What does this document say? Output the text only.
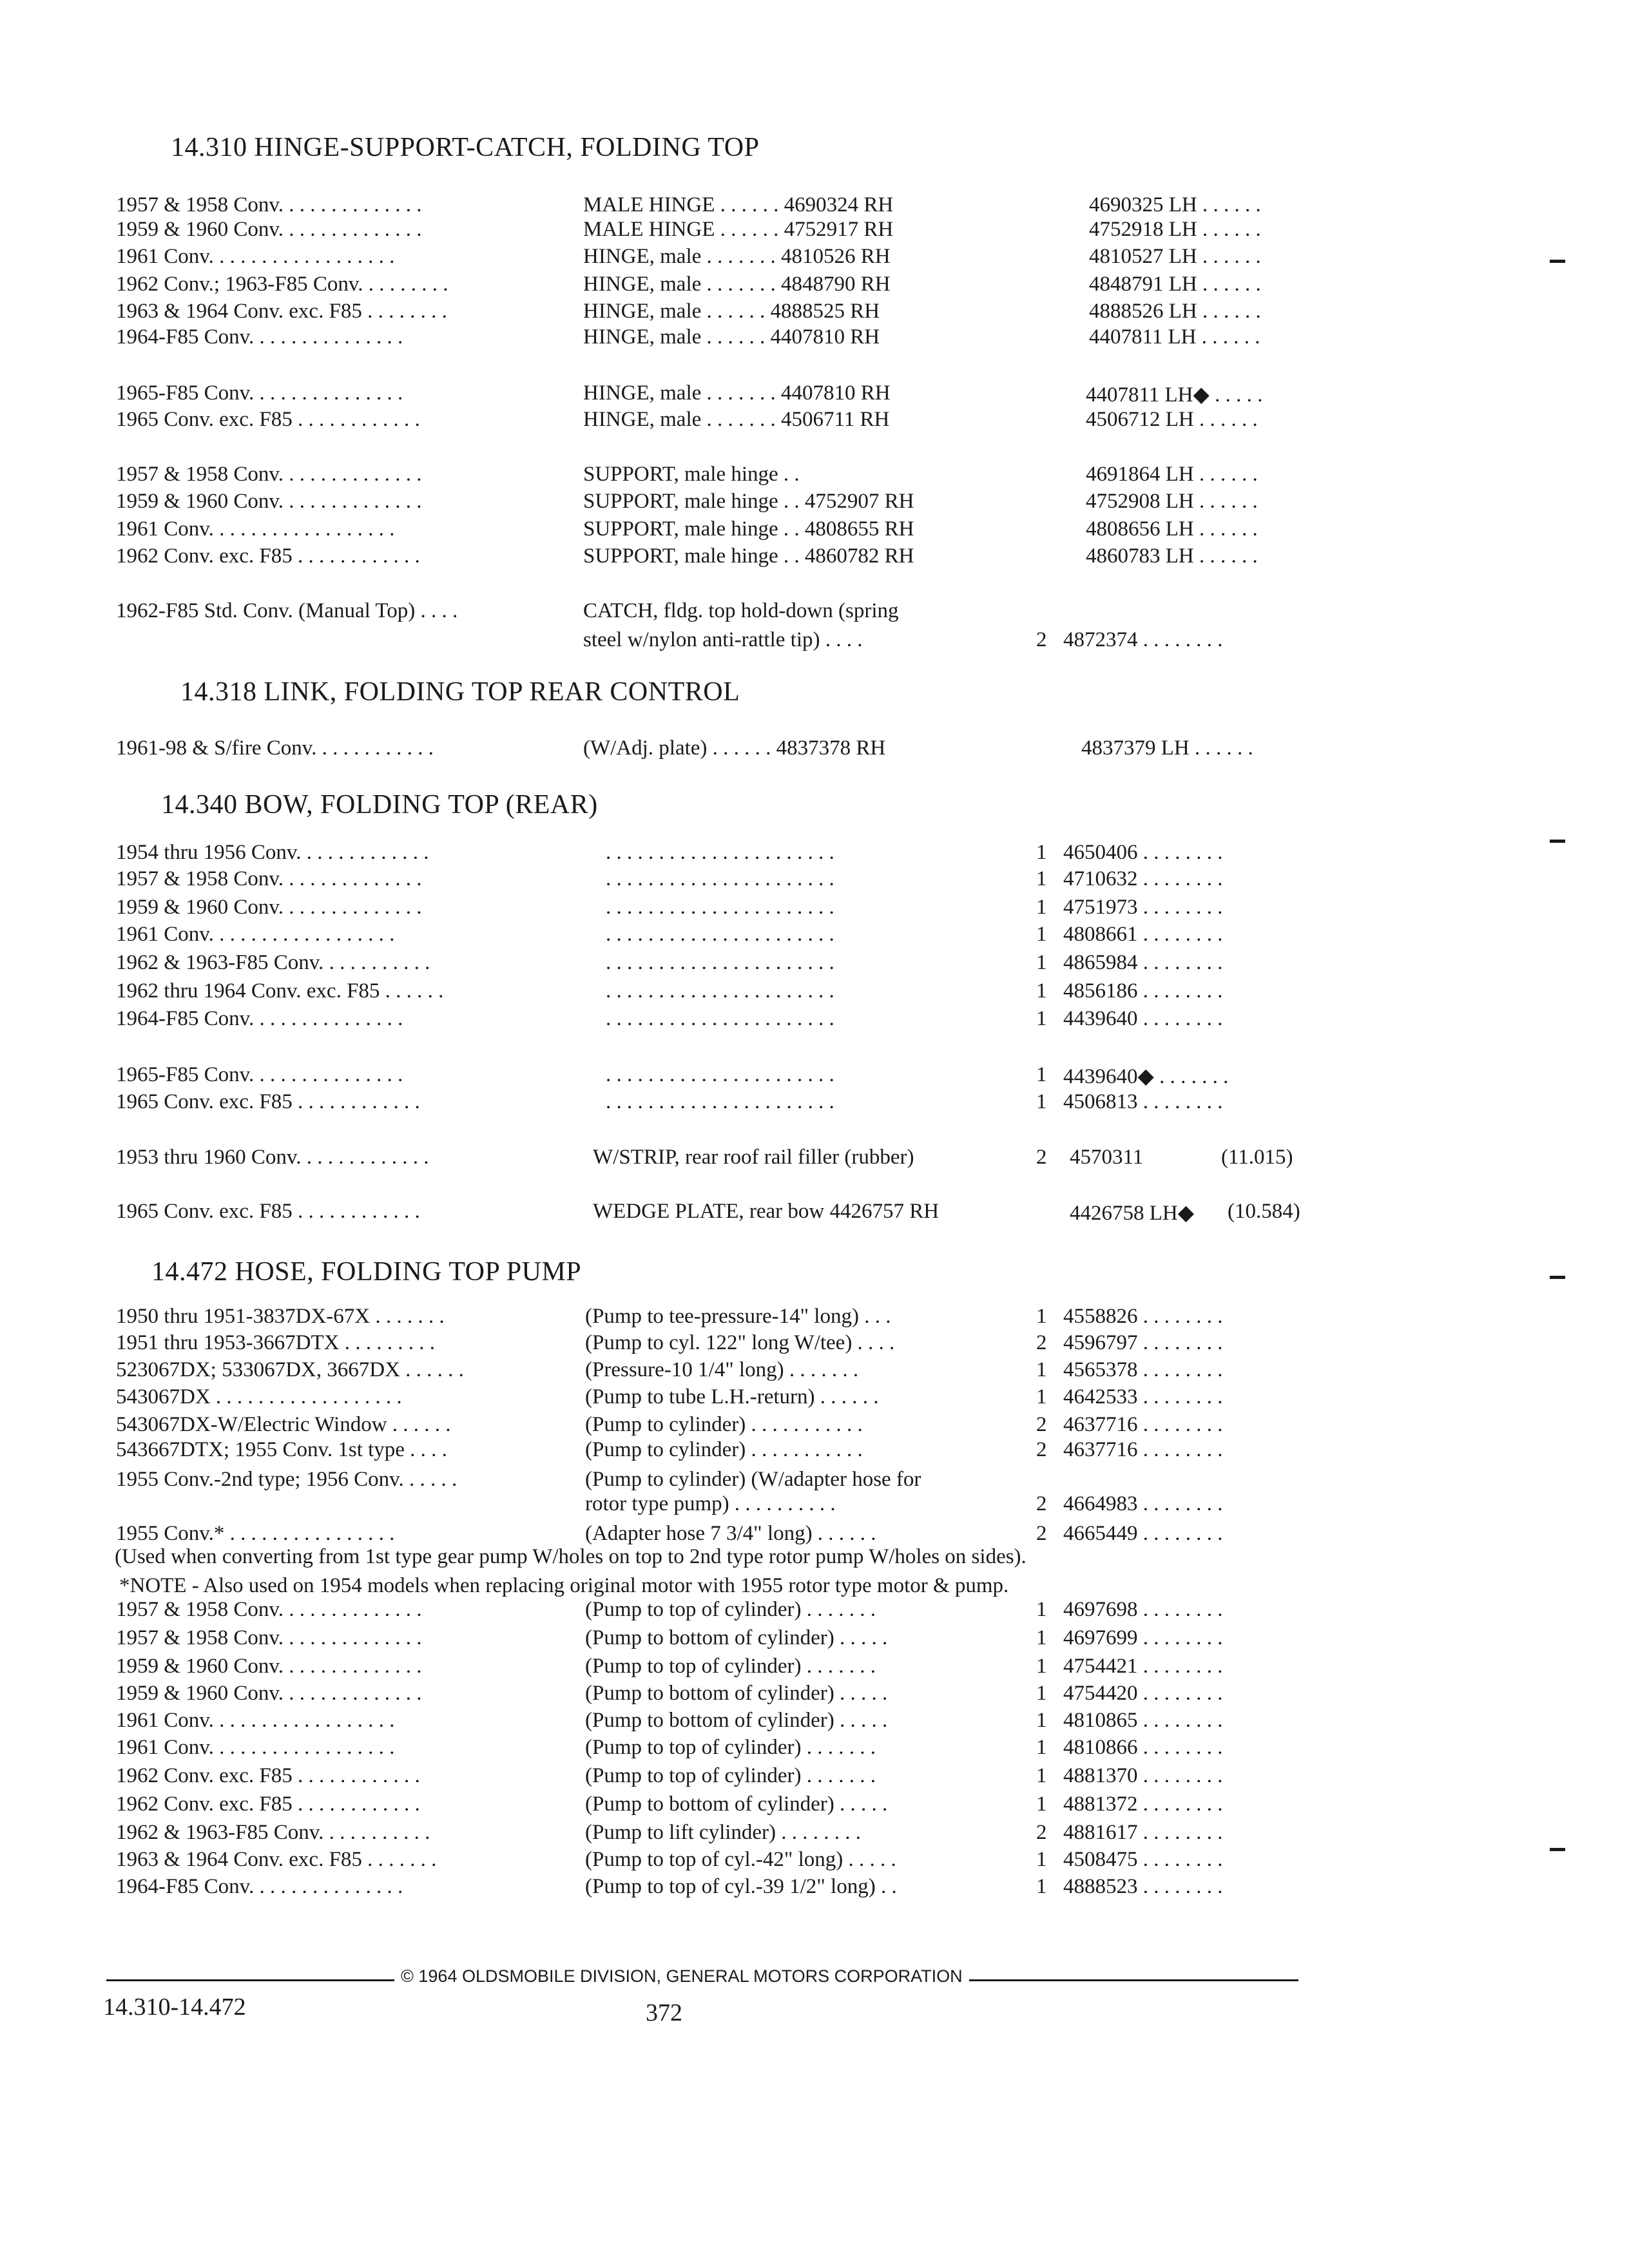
14.310 HINGE-SUPPORT-CATCH, FOLDING TOP
1957 & 1958 Conv. . . . . . . . . . . . . .	MALE HINGE . . . . . . 4690324 RH	4690325 LH . . . . . .
1959 & 1960 Conv. . . . . . . . . . . . . .	MALE HINGE . . . . . . 4752917 RH	4752918 LH . . . . . .
1961 Conv. . . . . . . . . . . . . . . . . .	HINGE, male . . . . . . . 4810526 RH	4810527 LH . . . . . .
1962 Conv.; 1963-F85 Conv. . . . . . . . .	HINGE, male . . . . . . . 4848790 RH	4848791 LH . . . . . .
1963 & 1964 Conv. exc. F85 . . . . . . . .	HINGE, male . . . . . . 4888525 RH	4888526 LH . . . . . .
1964-F85 Conv. . . . . . . . . . . . . . .	HINGE, male . . . . . . 4407810 RH	4407811 LH . . . . . .
1965-F85 Conv. . . . . . . . . . . . . . .	HINGE, male . . . . . . . 4407810 RH	4407811 LH◆ . . . . .
1965 Conv. exc. F85 . . . . . . . . . . . .	HINGE, male . . . . . . . 4506711 RH	4506712 LH . . . . . .
1957 & 1958 Conv. . . . . . . . . . . . . .	SUPPORT, male hinge . .	4691864 LH . . . . . .
1959 & 1960 Conv. . . . . . . . . . . . . .	SUPPORT, male hinge . . 4752907 RH	4752908 LH . . . . . .
1961 Conv. . . . . . . . . . . . . . . . . .	SUPPORT, male hinge . . 4808655 RH	4808656 LH . . . . . .
1962 Conv. exc. F85 . . . . . . . . . . . .	SUPPORT, male hinge . . 4860782 RH	4860783 LH . . . . . .
1962-F85 Std. Conv. (Manual Top) . . . .	CATCH, fldg. top hold-down (spring
steel w/nylon anti-rattle tip) . . . .	2 4872374 . . . . . . . .
14.318 LINK, FOLDING TOP REAR CONTROL
1961-98 & S/fire Conv. . . . . . . . . . . .	(W/Adj. plate) . . . . . . 4837378 RH	4837379 LH . . . . . .
14.340 BOW, FOLDING TOP (REAR)
1954 thru 1956 Conv. . . . . . . . . . . . .	. . . . . . . . . . . . . . . . . . . . . .	1 4650406 . . . . . . . .
1957 & 1958 Conv. . . . . . . . . . . . . .	. . . . . . . . . . . . . . . . . . . . . .	1 4710632 . . . . . . . .
1959 & 1960 Conv. . . . . . . . . . . . . .	. . . . . . . . . . . . . . . . . . . . . .	1 4751973 . . . . . . . .
1961 Conv. . . . . . . . . . . . . . . . . .	. . . . . . . . . . . . . . . . . . . . . .	1 4808661 . . . . . . . .
1962 & 1963-F85 Conv. . . . . . . . . . .	. . . . . . . . . . . . . . . . . . . . . .	1 4865984 . . . . . . . .
1962 thru 1964 Conv. exc. F85 . . . . . .	. . . . . . . . . . . . . . . . . . . . . .	1 4856186 . . . . . . . .
1964-F85 Conv. . . . . . . . . . . . . . .	. . . . . . . . . . . . . . . . . . . . . .	1 4439640 . . . . . . . .
1965-F85 Conv. . . . . . . . . . . . . . .	. . . . . . . . . . . . . . . . . . . . . .	1 4439640◆ . . . . . . .
1965 Conv. exc. F85 . . . . . . . . . . . .	. . . . . . . . . . . . . . . . . . . . . .	1 4506813 . . . . . . . .
1953 thru 1960 Conv. . . . . . . . . . . . .	W/STRIP, rear roof rail filler (rubber)	2 4570311	(11.015)
1965 Conv. exc. F85 . . . . . . . . . . . .	WEDGE PLATE, rear bow 4426757 RH	4426758 LH◆ (10.584)
14.472 HOSE, FOLDING TOP PUMP
1950 thru 1951-3837DX-67X . . . . . . .	(Pump to tee-pressure-14" long) . . .	1 4558826 . . . . . . . .
1951 thru 1953-3667DTX . . . . . . . . .	(Pump to cyl. 122" long W/tee) . . . .	2 4596797 . . . . . . . .
523067DX; 533067DX, 3667DX . . . . . .	(Pressure-10 1/4" long) . . . . . . .	1 4565378 . . . . . . . .
543067DX . . . . . . . . . . . . . . . . . .	(Pump to tube L.H.-return) . . . . . .	1 4642533 . . . . . . . .
543067DX-W/Electric Window . . . . . .	(Pump to cylinder) . . . . . . . . . . .	2 4637716 . . . . . . . .
543667DTX; 1955 Conv. 1st type . . . .	(Pump to cylinder) . . . . . . . . . . .	2 4637716 . . . . . . . .
1955 Conv.-2nd type; 1956 Conv. . . . . .	(Pump to cylinder) (W/adapter hose for
rotor type pump) . . . . . . . . . .	2 4664983 . . . . . . . .
1955 Conv.* . . . . . . . . . . . . . . . .	(Adapter hose 7 3/4" long) . . . . . .	2 4665449 . . . . . . . .
(Used when converting from 1st type gear pump W/holes on top to 2nd type rotor pump W/holes on sides).
*NOTE - Also used on 1954 models when replacing original motor with 1955 rotor type motor & pump.
1957 & 1958 Conv. . . . . . . . . . . . . .	(Pump to top of cylinder) . . . . . . .	1 4697698 . . . . . . . .
1957 & 1958 Conv. . . . . . . . . . . . . .	(Pump to bottom of cylinder) . . . . .	1 4697699 . . . . . . . .
1959 & 1960 Conv. . . . . . . . . . . . . .	(Pump to top of cylinder) . . . . . . .	1 4754421 . . . . . . . .
1959 & 1960 Conv. . . . . . . . . . . . . .	(Pump to bottom of cylinder) . . . . .	1 4754420 . . . . . . . .
1961 Conv. . . . . . . . . . . . . . . . . .	(Pump to bottom of cylinder) . . . . .	1 4810865 . . . . . . . .
1961 Conv. . . . . . . . . . . . . . . . . .	(Pump to top of cylinder) . . . . . . .	1 4810866 . . . . . . . .
1962 Conv. exc. F85 . . . . . . . . . . . .	(Pump to top of cylinder) . . . . . . .	1 4881370 . . . . . . . .
1962 Conv. exc. F85 . . . . . . . . . . . .	(Pump to bottom of cylinder) . . . . .	1 4881372 . . . . . . . .
1962 & 1963-F85 Conv. . . . . . . . . . .	(Pump to lift cylinder) . . . . . . . .	2 4881617 . . . . . . . .
1963 & 1964 Conv. exc. F85 . . . . . . .	(Pump to top of cyl.-42" long) . . . . .	1 4508475 . . . . . . . .
1964-F85 Conv. . . . . . . . . . . . . . .	(Pump to top of cyl.-39 1/2" long) . .	1 4888523 . . . . . . . .
© 1964 OLDSMOBILE DIVISION, GENERAL MOTORS CORPORATION
14.310-14.472	372
